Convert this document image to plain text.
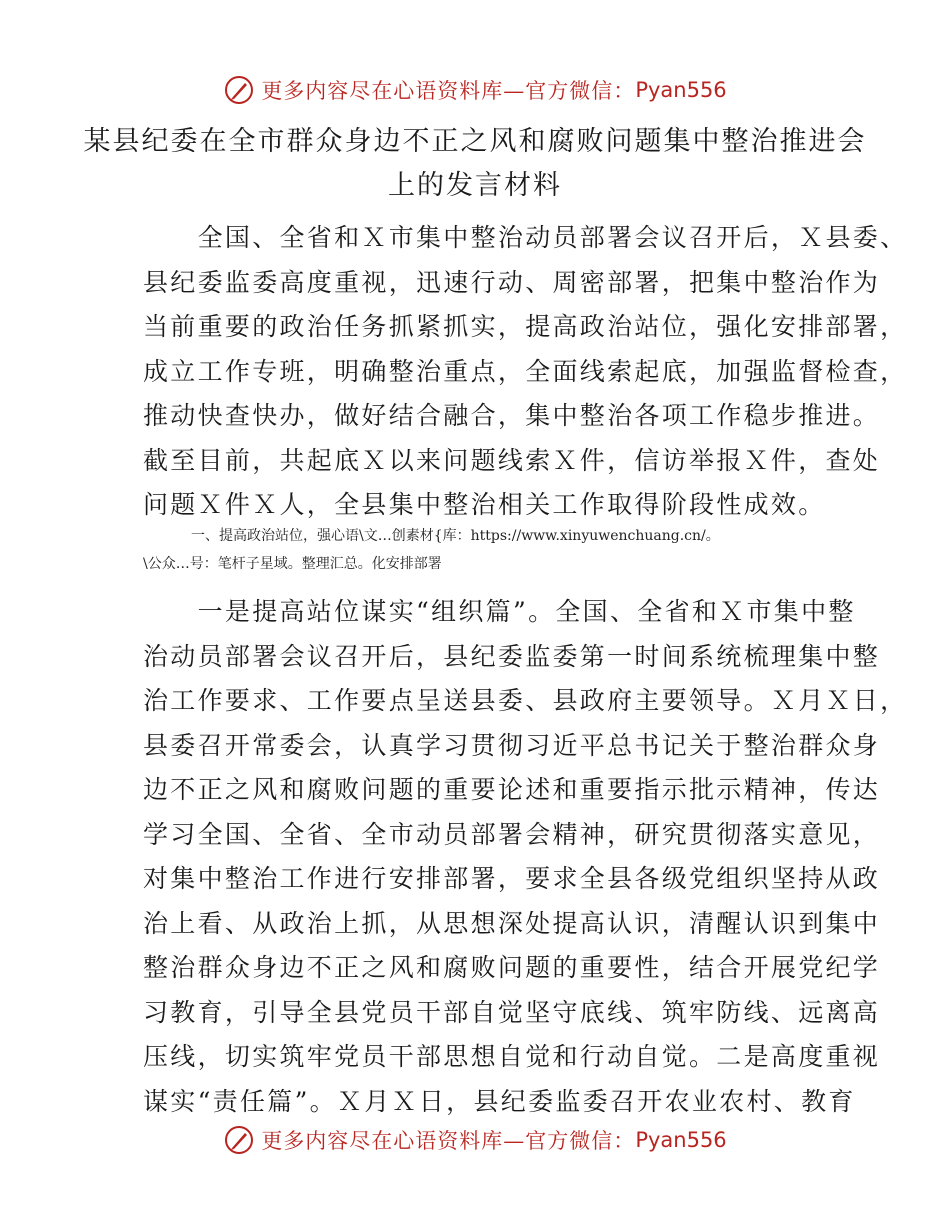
更多内容尽在心语资料库—官方微信： Pyan556
某县纪委在全市群众身边不正之风和腐败问题集中整治推进会
上的发言材料
　　全国、全省和Ｘ市集中整治动员部署会议召开后，Ｘ县委、
县纪委监委高度重视，迅速行动、周密部署，把集中整治作为
当前重要的政治任务抓紧抓实，提高政治站位，强化安排部署，
成立工作专班，明确整治重点，全面线索起底，加强监督检查，
推动快查快办，做好结合融合，集中整治各项工作稳步推进。
截至目前，共起底Ｘ以来问题线索Ｘ件，信访举报Ｘ件，查处
问题Ｘ件Ｘ人，全县集中整治相关工作取得阶段性成效。
一、提高政治站位，强心语\文…创素材{库：https://www.xinyuwenchuang.cn/。
\公众…号：笔杆子星域。整理汇总。化安排部署
　　一是提高站位谋实“组织篇”。全国、全省和Ｘ市集中整
治动员部署会议召开后，县纪委监委第一时间系统梳理集中整
治工作要求、工作要点呈送县委、县政府主要领导。Ｘ月Ｘ日，
县委召开常委会，认真学习贯彻习近平总书记关于整治群众身
边不正之风和腐败问题的重要论述和重要指示批示精神，传达
学习全国、全省、全市动员部署会精神，研究贯彻落实意见，
对集中整治工作进行安排部署，要求全县各级党组织坚持从政
治上看、从政治上抓，从思想深处提高认识，清醒认识到集中
整治群众身边不正之风和腐败问题的重要性，结合开展党纪学
习教育，引导全县党员干部自觉坚守底线、筑牢防线、远离高
压线，切实筑牢党员干部思想自觉和行动自觉。二是高度重视
谋实“责任篇”。Ｘ月Ｘ日，县纪委监委召开农业农村、教育
更多内容尽在心语资料库—官方微信： Pyan556
